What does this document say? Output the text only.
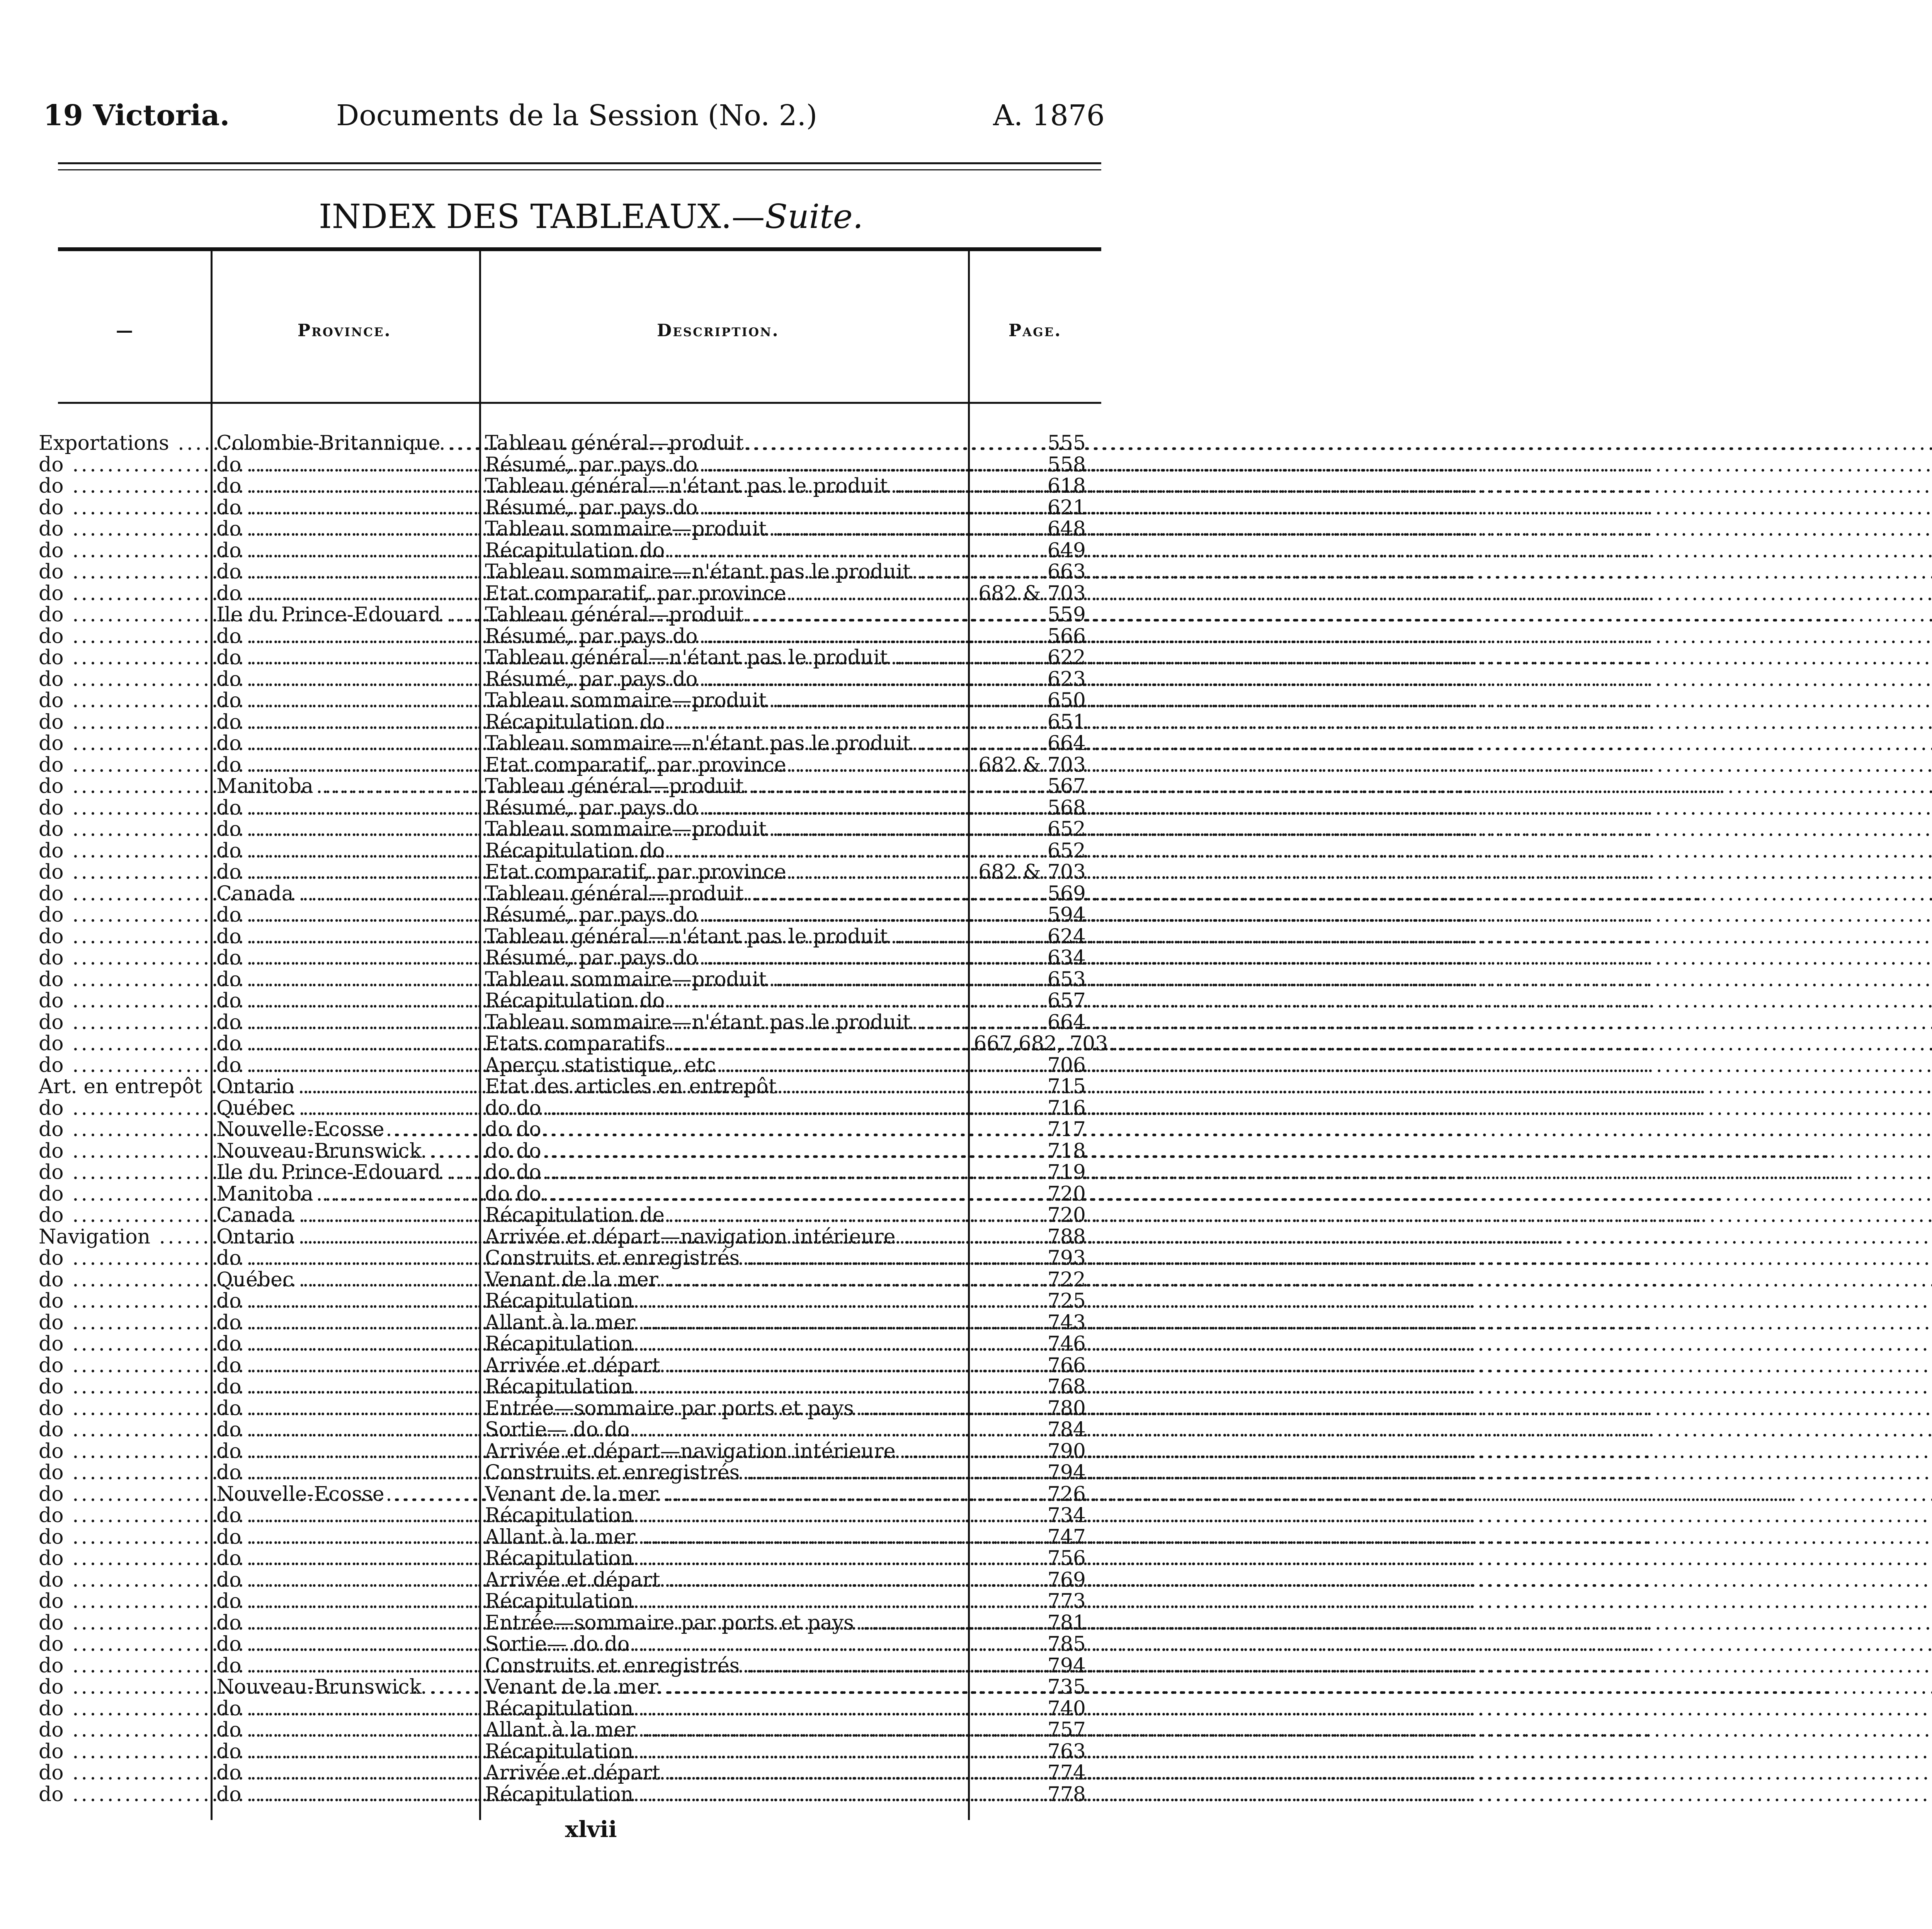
19 Victoria.	Documents de la Session (No. 2.)	A. 1876
INDEX DES TABLEAUX.—Suite.
—	Province.	Description.	Page.
Exportations .....	Colombie-Britannique .....	Tableau général—produit .....	555
do .....	do .....	Résumé, par pays do .....	558
do .....	do .....	Tableau général—n'étant pas le produit .....	618
do .....	do .....	Résumé, par pays do .....	621
do .....	do .....	Tableau sommaire—produit .....	648
do .....	do .....	Récapitulation do .....	649
do .....	do .....	Tableau sommaire—n'étant pas le produit .....	663
do .....	do .....	Etat comparatif, par province .....	682 & 703
do .....	Ile du Prince-Edouard .....	Tableau général—produit .....	559
do .....	do .....	Résumé, par pays do .....	566
do .....	do .....	Tableau général—n'étant pas le produit .....	622
do .....	do .....	Résumé, par pays do .....	623
do .....	do .....	Tableau sommaire—produit .....	650
do .....	do .....	Récapitulation do .....	651
do .....	do .....	Tableau sommaire—n'étant pas le produit .....	664
do .....	do .....	Etat comparatif, par province .....	682 & 703
do .....	Manitoba .....	Tableau général—produit .....	567
do .....	do .....	Résumé, par pays do .....	568
do .....	do .....	Tableau sommaire—produit .....	652
do .....	do .....	Récapitulation do .....	652
do .....	do .....	Etat comparatif, par province .....	682 & 703
do .....	Canada .....	Tableau général—produit .....	569
do .....	do .....	Résumé, par pays do .....	594
do .....	do .....	Tableau général—n'étant pas le produit .....	624
do .....	do .....	Résumé, par pays do .....	634
do .....	do .....	Tableau sommaire—produit .....	653
do .....	do .....	Récapitulation do .....	657
do .....	do .....	Tableau sommaire—n'étant pas le produit .....	664
do .....	do .....	Etats comparatifs .....	667,682, 703
do .....	do .....	Aperçu statistique, etc .....	706
Art. en entrepôt ..... Ontario .....	Etat des articles en entrepôt .....	715
do .....	Québec .....	do do .....	716
do .....	Nouvelle-Ecosse .....	do do .....	717
do .....	Nouveau-Brunswick .....	do do .....	718
do .....	Ile du Prince-Edouard .....	do do .....	719
do .....	Manitoba .....	do do .....	720
do .....	Canada .....	Récapitulation de .....	720
Navigation .....	Ontario .....	Arrivée et départ—navigation intérieure .....	788
do .....	do .....	Construits et enregistrés .....	793
do .....	Québec .....	Venant de la mer .....	722
do .....	do .....	Récapitulation .....	725
do .....	do .....	Allant à la mer .....	743
do .....	do .....	Récapitulation .....	746
do .....	do .....	Arrivée et départ .....	766
do .....	do .....	Récapitulation .....	768
do .....	do .....	Entrée—sommaire par ports et pays .....	780
do .....	do .....	Sortie— do do .....	784
do .....	do .....	Arrivée et départ—navigation intérieure .....	790
do .....	do .....	Construits et enregistrés .....	794
do .....	Nouvelle-Ecosse .....	Venant de la mer .....	726
do .....	do .....	Récapitulation .....	734
do .....	do .....	Allant à la mer .....	747
do .....	do .....	Récapitulation .....	756
do .....	do .....	Arrivée et départ .....	769
do .....	do .....	Récapitulation .....	773
do .....	do .....	Entrée—sommaire par ports et pays .....	781
do .....	do .....	Sortie— do do .....	785
do .....	do .....	Construits et enregistrés .....	794
do .....	Nouveau-Brunswick .....	Venant de la mer .....	735
do .....	do .....	Récapitulation .....	740
do .....	do .....	Allant à la mer .....	757
do .....	do .....	Récapitulation .....	763
do .....	do .....	Arrivée et départ .....	774
do .....	do .....	Récapitulation .....	778
xlvii
